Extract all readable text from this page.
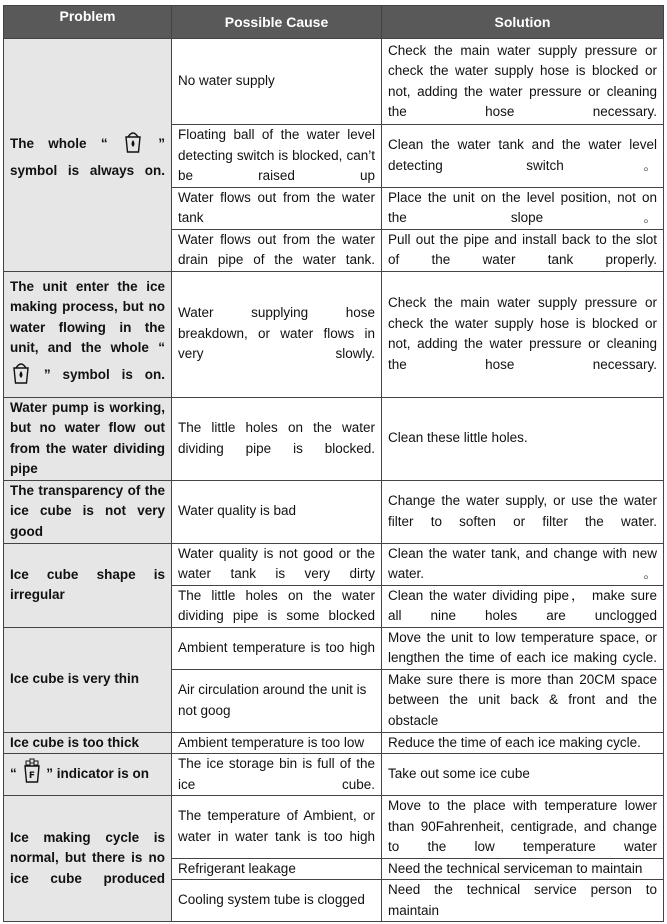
Problem	Possible Cause	Solution
The whole “ ” symbol is always on.	No water supply	Check the main water supply pressure or check the water supply hose is blocked or not, adding the water pressure or cleaning the hose necessary.
	Floating ball of the water level detecting switch is blocked, can’t be raised up	Clean the water tank and the water level detecting switch。
	Water flows out from the water tank	Place the unit on the level position, not on the slope。
	Water flows out from the water drain pipe of the water tank.	Pull out the pipe and install back to the slot of the water tank properly.
The unit enter the ice making process, but no water flowing in the unit, and the whole “  ” symbol is on.	Water supplying hose breakdown, or water flows in very slowly.	Check the main water supply pressure or check the water supply hose is blocked or not, adding the water pressure or cleaning the hose necessary.
Water pump is working, but no water flow out from the water dividing pipe	The little holes on the water dividing pipe is blocked.	Clean these little holes.
The transparency of the ice cube is not very good	Water quality is bad	Change the water supply, or use the water filter to soften or filter the water.
Ice cube shape is irregular	Water quality is not good or the water tank is very dirty	Clean the water tank, and change with new water.。
	The little holes on the water dividing pipe is some blocked	Clean the water dividing pipe， make sure all nine holes are unclogged
Ice cube is very thin	Ambient temperature is too high	Move the unit to low temperature space, or lengthen the time of each ice making cycle.
	Air circulation around the unit is not goog	Make sure there is more than 20CM space between the unit back & front and the obstacle
Ice cube is too thick	Ambient temperature is too low	Reduce the time of each ice making cycle.
“ F ” indicator is on	The ice storage bin is full of the ice cube.	Take out some ice cube
Ice making cycle is normal, but there is no ice cube produced	The temperature of Ambient, or water in water tank is too high	Move to the place with temperature lower than 90Fahrenheit, centigrade, and change to the low temperature water
	Refrigerant leakage	Need the technical serviceman to maintain
	Cooling system tube is clogged	Need the technical service person to maintain
